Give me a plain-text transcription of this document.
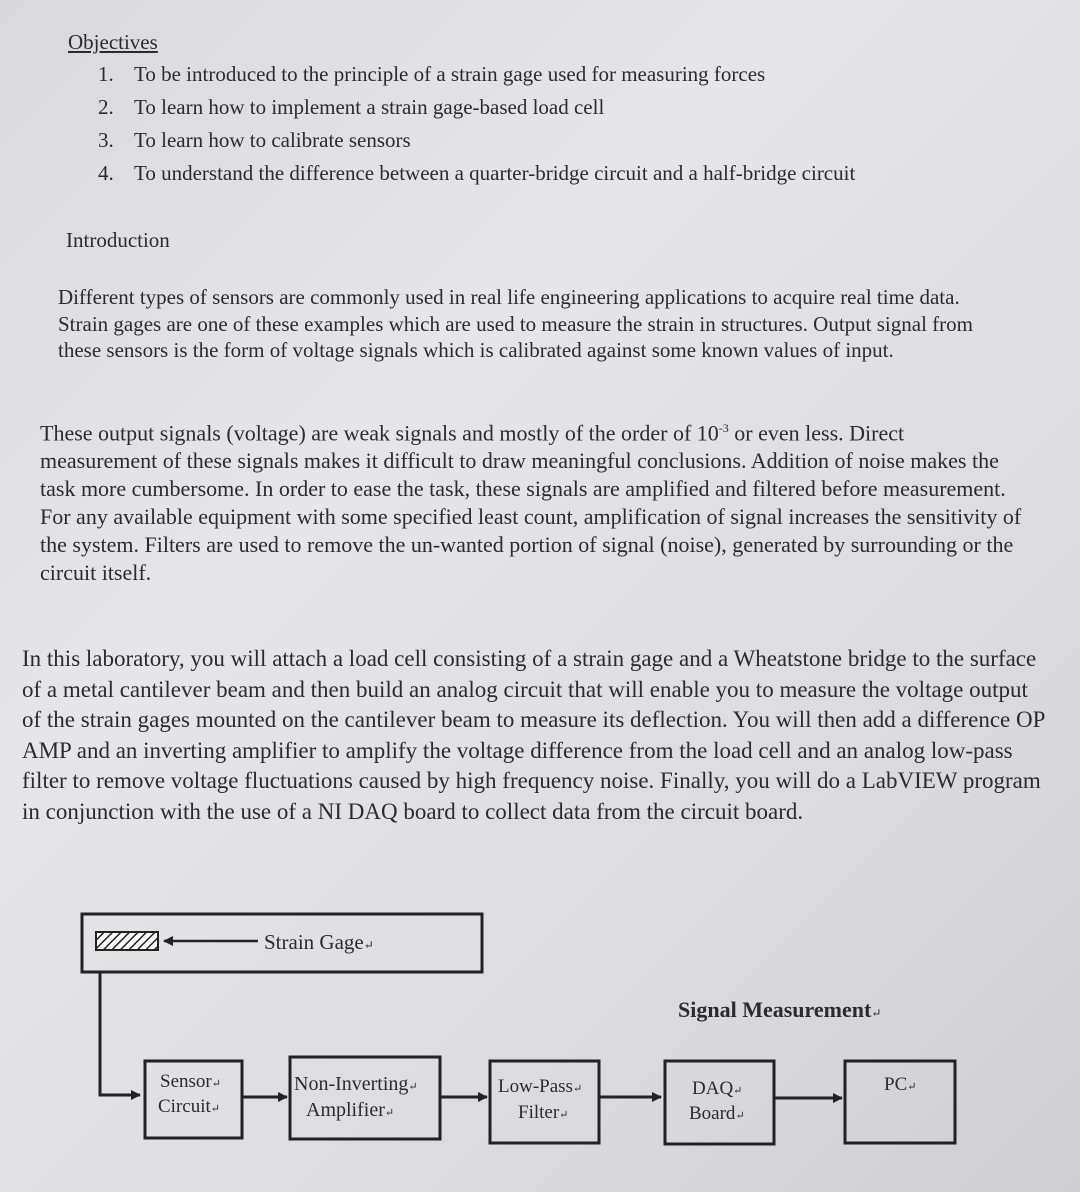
Objectives
1. To be introduced to the principle of a strain gage used for measuring forces
2. To learn how to implement a strain gage-based load cell
3. To learn how to calibrate sensors
4. To understand the difference between a quarter-bridge circuit and a half-bridge circuit
Introduction

Different types of sensors are commonly used in real life engineering applications to acquire real time data. Strain gages are one of these examples which are used to measure the strain in structures. Output signal from these sensors is the form of voltage signals which is calibrated against some known values of input.

These output signals (voltage) are weak signals and mostly of the order of $10^{-3}$ or even less. Direct measurement of these signals makes it difficult to draw meaningful conclusions. Addition of noise makes the task more cumbersome. In order to ease the task, these signals are amplified and filtered before measurement. For any available equipment with some specified least count, amplification of signal increases the sensitivity of the system. Filters are used to remove the un-wanted portion of signal (noise), generated by surrounding or the circuit itself.

In this laboratory, you will attach a load cell consisting of a strain gage and a Wheatstone bridge to the surface of a metal cantilever beam and then build an analog circuit that will enable you to measure the voltage output of the strain gages mounted on the cantilever beam to measure its deflection. You will then add a difference OP AMP and an inverting amplifier to amplify the voltage difference from the load cell and an analog low-pass filter to remove voltage fluctuations caused by high frequency noise. Finally, you will do a LabVIEW program in conjunction with the use of a NI DAQ board to collect data from the circuit board.

Strain Gage↵
Signal Measurement↵
Sensor↵
Circuit↵
Non-Inverting↵
Amplifier↵
Low-Pass↵
Filter↵
DAQ↵
Board↵
PC↵
